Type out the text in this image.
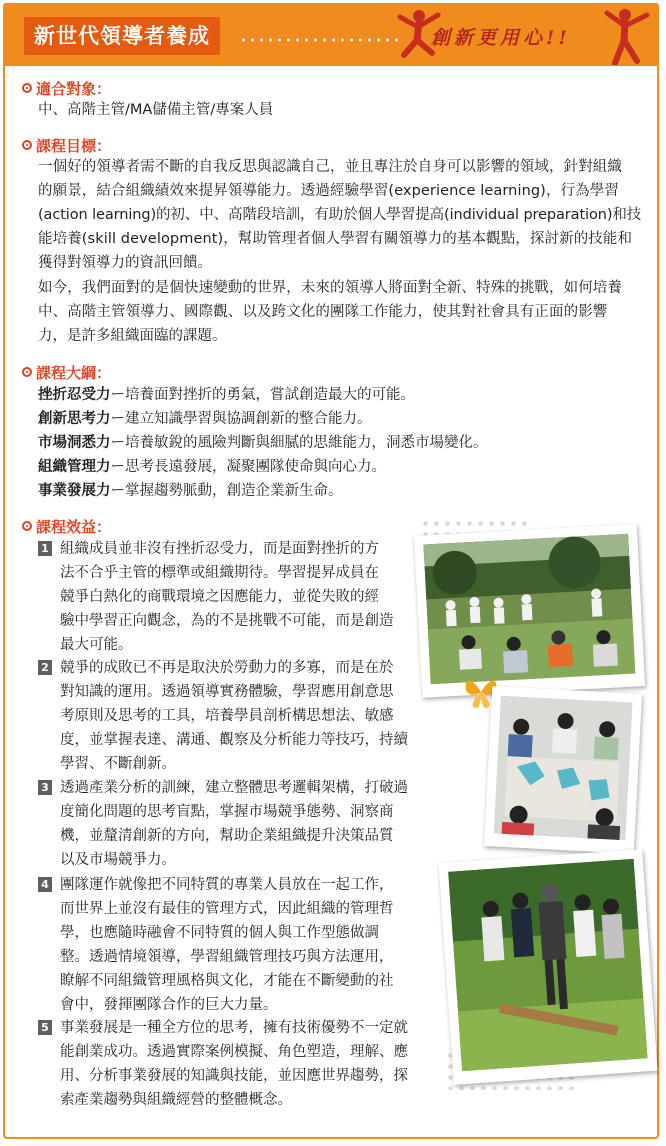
新世代領導者養成	創新更用心!!
適合對象：
中、高階主管/MA儲備主管/專案人員
課程目標：
一個好的領導者需不斷的自我反思與認識自己，並且專注於自身可以影響的領域，針對組織
的願景，結合組織績效來提昇領導能力。透過經驗學習(experience learning)，行為學習
(action learning)的初、中、高階段培訓，有助於個人學習提高(individual preparation)和技
能培養(skill development)，幫助管理者個人學習有關領導力的基本觀點，探討新的技能和
獲得對領導力的資訊回饋。
如今，我們面對的是個快速變動的世界，未來的領導人將面對全新、特殊的挑戰，如何培養
中、高階主管領導力、國際觀、以及跨文化的團隊工作能力，使其對社會具有正面的影響
力，是許多組織面臨的課題。
課程大綱：
挫折忍受力ー培養面對挫折的勇氣，嘗試創造最大的可能。
創新思考力ー建立知識學習與協調創新的整合能力。
市場洞悉力ー培養敏銳的風險判斷與細膩的思維能力，洞悉市場變化。
組織管理力ー思考長遠發展，凝聚團隊使命與向心力。
事業發展力ー掌握趨勢脈動，創造企業新生命。
課程效益：
1 組織成員並非沒有挫折忍受力，而是面對挫折的方
法不合乎主管的標準或組織期待。學習提昇成員在
競爭白熱化的商戰環境之因應能力，並從失敗的經
驗中學習正向觀念，為的不是挑戰不可能，而是創造
最大可能。
2 競爭的成敗已不再是取決於勞動力的多寡，而是在於
對知識的運用。透過領導實務體驗，學習應用創意思
考原則及思考的工具，培養學員剖析構思想法、敏感
度，並掌握表達、溝通、觀察及分析能力等技巧，持續
學習、不斷創新。
3 透過產業分析的訓練，建立整體思考邏輯架構，打破過
度簡化問題的思考盲點，掌握市場競爭態勢、洞察商
機，並釐清創新的方向，幫助企業組織提升決策品質
以及市場競爭力。
4 團隊運作就像把不同特質的專業人員放在一起工作，
而世界上並沒有最佳的管理方式，因此組織的管理哲
學，也應隨時融會不同特質的個人與工作型態做調
整。透過情境領導，學習組織管理技巧與方法運用，
瞭解不同組織管理風格與文化，才能在不斷變動的社
會中，發揮團隊合作的巨大力量。
5 事業發展是一種全方位的思考，擁有技術優勢不一定就
能創業成功。透過實際案例模擬、角色塑造，理解、應
用、分析事業發展的知識與技能，並因應世界趨勢，探
索產業趨勢與組織經營的整體概念。
